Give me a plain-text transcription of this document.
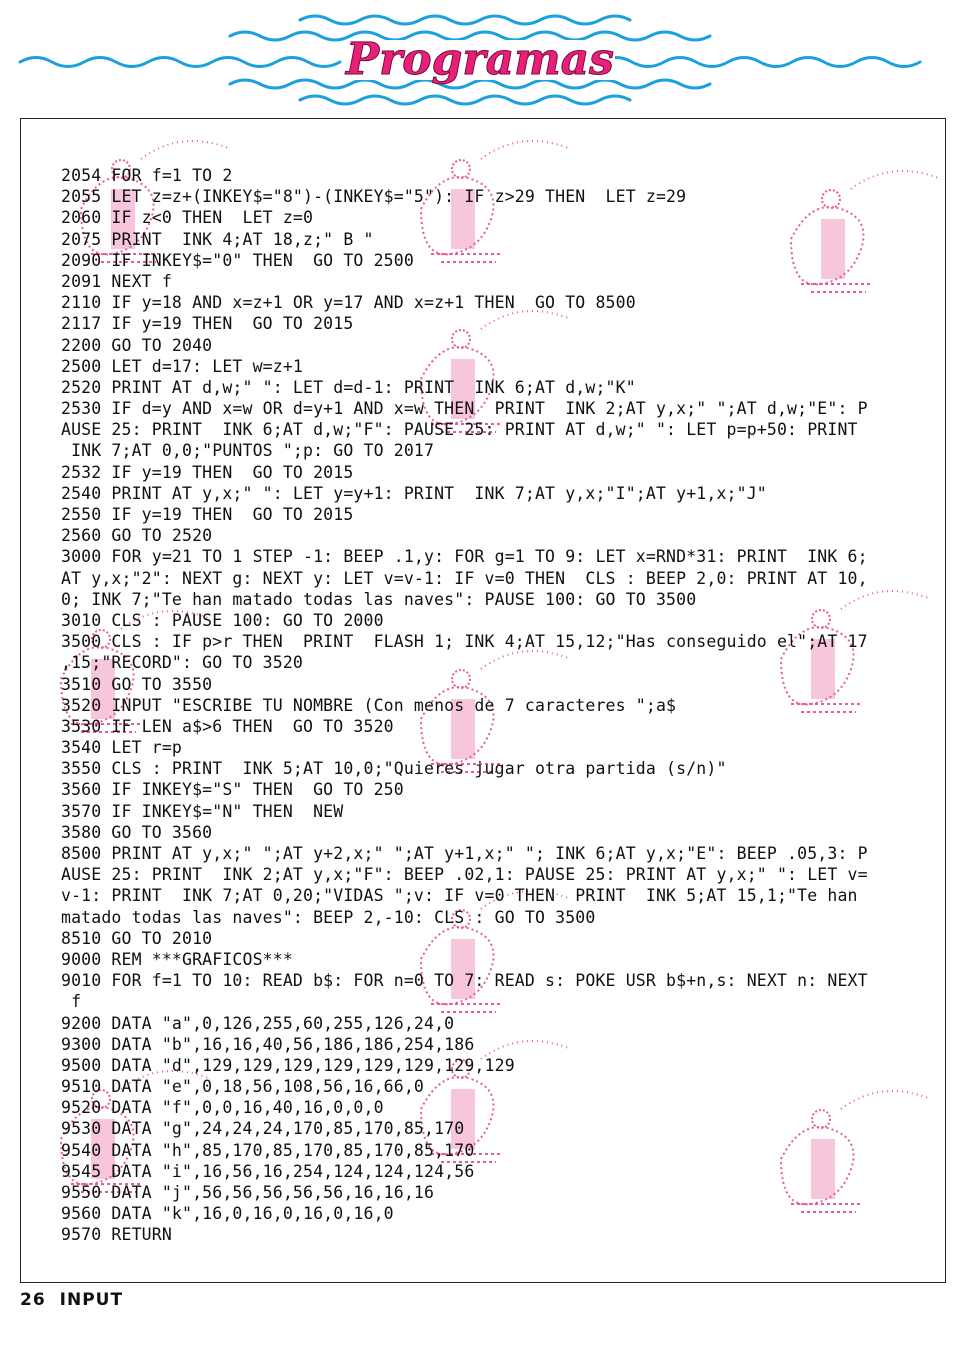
Programas
2054 FOR f=1 TO 2
2055 LET z=z+(INKEY$="8")-(INKEY$="5"): IF z>29 THEN  LET z=29
2060 IF z<0 THEN  LET z=0
2075 PRINT  INK 4;AT 18,z;" B "
2090 IF INKEY$="0" THEN  GO TO 2500
2091 NEXT f
2110 IF y=18 AND x=z+1 OR y=17 AND x=z+1 THEN  GO TO 8500
2117 IF y=19 THEN  GO TO 2015
2200 GO TO 2040
2500 LET d=17: LET w=z+1
2520 PRINT AT d,w;" ": LET d=d-1: PRINT  INK 6;AT d,w;"K"
2530 IF d=y AND x=w OR d=y+1 AND x=w THEN  PRINT  INK 2;AT y,x;" ";AT d,w;"E": P
AUSE 25: PRINT  INK 6;AT d,w;"F": PAUSE 25: PRINT AT d,w;" ": LET p=p+50: PRINT
INK 7;AT 0,0;"PUNTOS ";p: GO TO 2017
2532 IF y=19 THEN  GO TO 2015
2540 PRINT AT y,x;" ": LET y=y+1: PRINT  INK 7;AT y,x;"I";AT y+1,x;"J"
2550 IF y=19 THEN  GO TO 2015
2560 GO TO 2520
3000 FOR y=21 TO 1 STEP -1: BEEP .1,y: FOR g=1 TO 9: LET x=RND*31: PRINT  INK 6;
AT y,x;"2": NEXT g: NEXT y: LET v=v-1: IF v=0 THEN  CLS : BEEP 2,0: PRINT AT 10,
0; INK 7;"Te han matado todas las naves": PAUSE 100: GO TO 3500
3010 CLS : PAUSE 100: GO TO 2000
3500 CLS : IF p>r THEN  PRINT  FLASH 1; INK 4;AT 15,12;"Has conseguido el";AT 17
,15;"RECORD": GO TO 3520
3510 GO TO 3550
3520 INPUT "ESCRIBE TU NOMBRE (Con menos de 7 caracteres ";a$
3530 IF LEN a$>6 THEN  GO TO 3520
3540 LET r=p
3550 CLS : PRINT  INK 5;AT 10,0;"Quieres jugar otra partida (s/n)"
3560 IF INKEY$="S" THEN  GO TO 250
3570 IF INKEY$="N" THEN  NEW
3580 GO TO 3560
8500 PRINT AT y,x;" ";AT y+2,x;" ";AT y+1,x;" "; INK 6;AT y,x;"E": BEEP .05,3: P
AUSE 25: PRINT  INK 2;AT y,x;"F": BEEP .02,1: PAUSE 25: PRINT AT y,x;" ": LET v=
v-1: PRINT  INK 7;AT 0,20;"VIDAS ";v: IF v=0 THEN  PRINT  INK 5;AT 15,1;"Te han
matado todas las naves": BEEP 2,-10: CLS : GO TO 3500
8510 GO TO 2010
9000 REM ***GRAFICOS***
9010 FOR f=1 TO 10: READ b$: FOR n=0 TO 7: READ s: POKE USR b$+n,s: NEXT n: NEXT
f
9200 DATA "a",0,126,255,60,255,126,24,0
9300 DATA "b",16,16,40,56,186,186,254,186
9500 DATA "d",129,129,129,129,129,129,129,129
9510 DATA "e",0,18,56,108,56,16,66,0
9520 DATA "f",0,0,16,40,16,0,0,0
9530 DATA "g",24,24,24,170,85,170,85,170
9540 DATA "h",85,170,85,170,85,170,85,170
9545 DATA "i",16,56,16,254,124,124,124,56
9550 DATA "j",56,56,56,56,56,16,16,16
9560 DATA "k",16,0,16,0,16,0,16,0
9570 RETURN
26 INPUT
